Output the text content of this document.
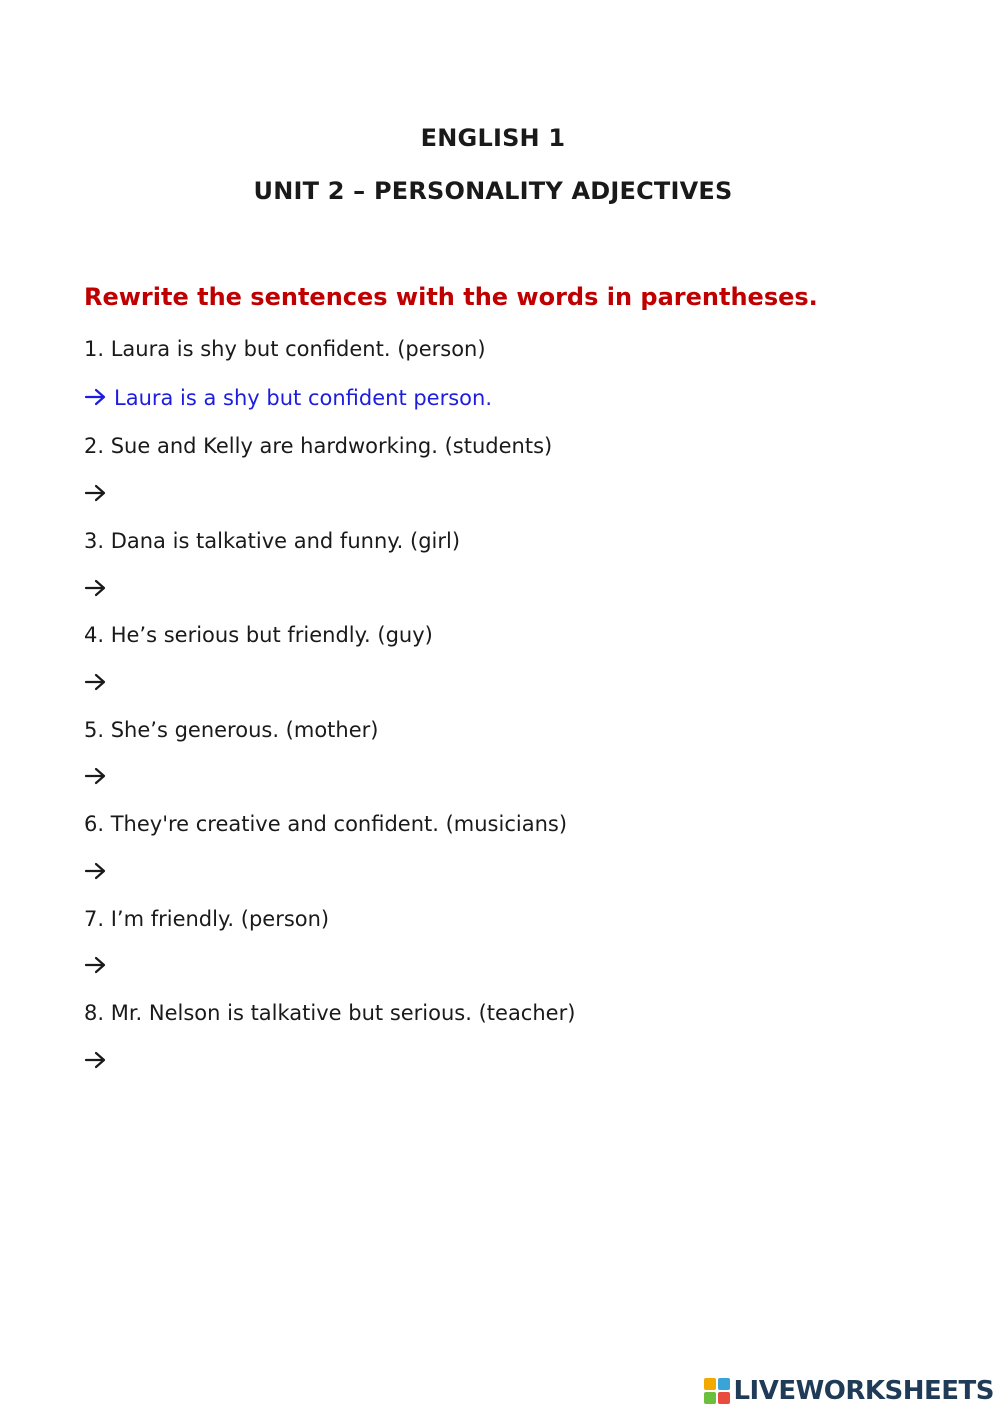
ENGLISH 1
UNIT 2 – PERSONALITY ADJECTIVES
Rewrite the sentences with the words in parentheses.
1. Laura is shy but confident. (person)
Laura is a shy but confident person.
2. Sue and Kelly are hardworking. (students)
3. Dana is talkative and funny. (girl)
4. He’s serious but friendly. (guy)
5. She’s generous. (mother)
6. They're creative and confident. (musicians)
7. I’m friendly. (person)
8. Mr. Nelson is talkative but serious. (teacher)
LIVEWORKSHEETS
